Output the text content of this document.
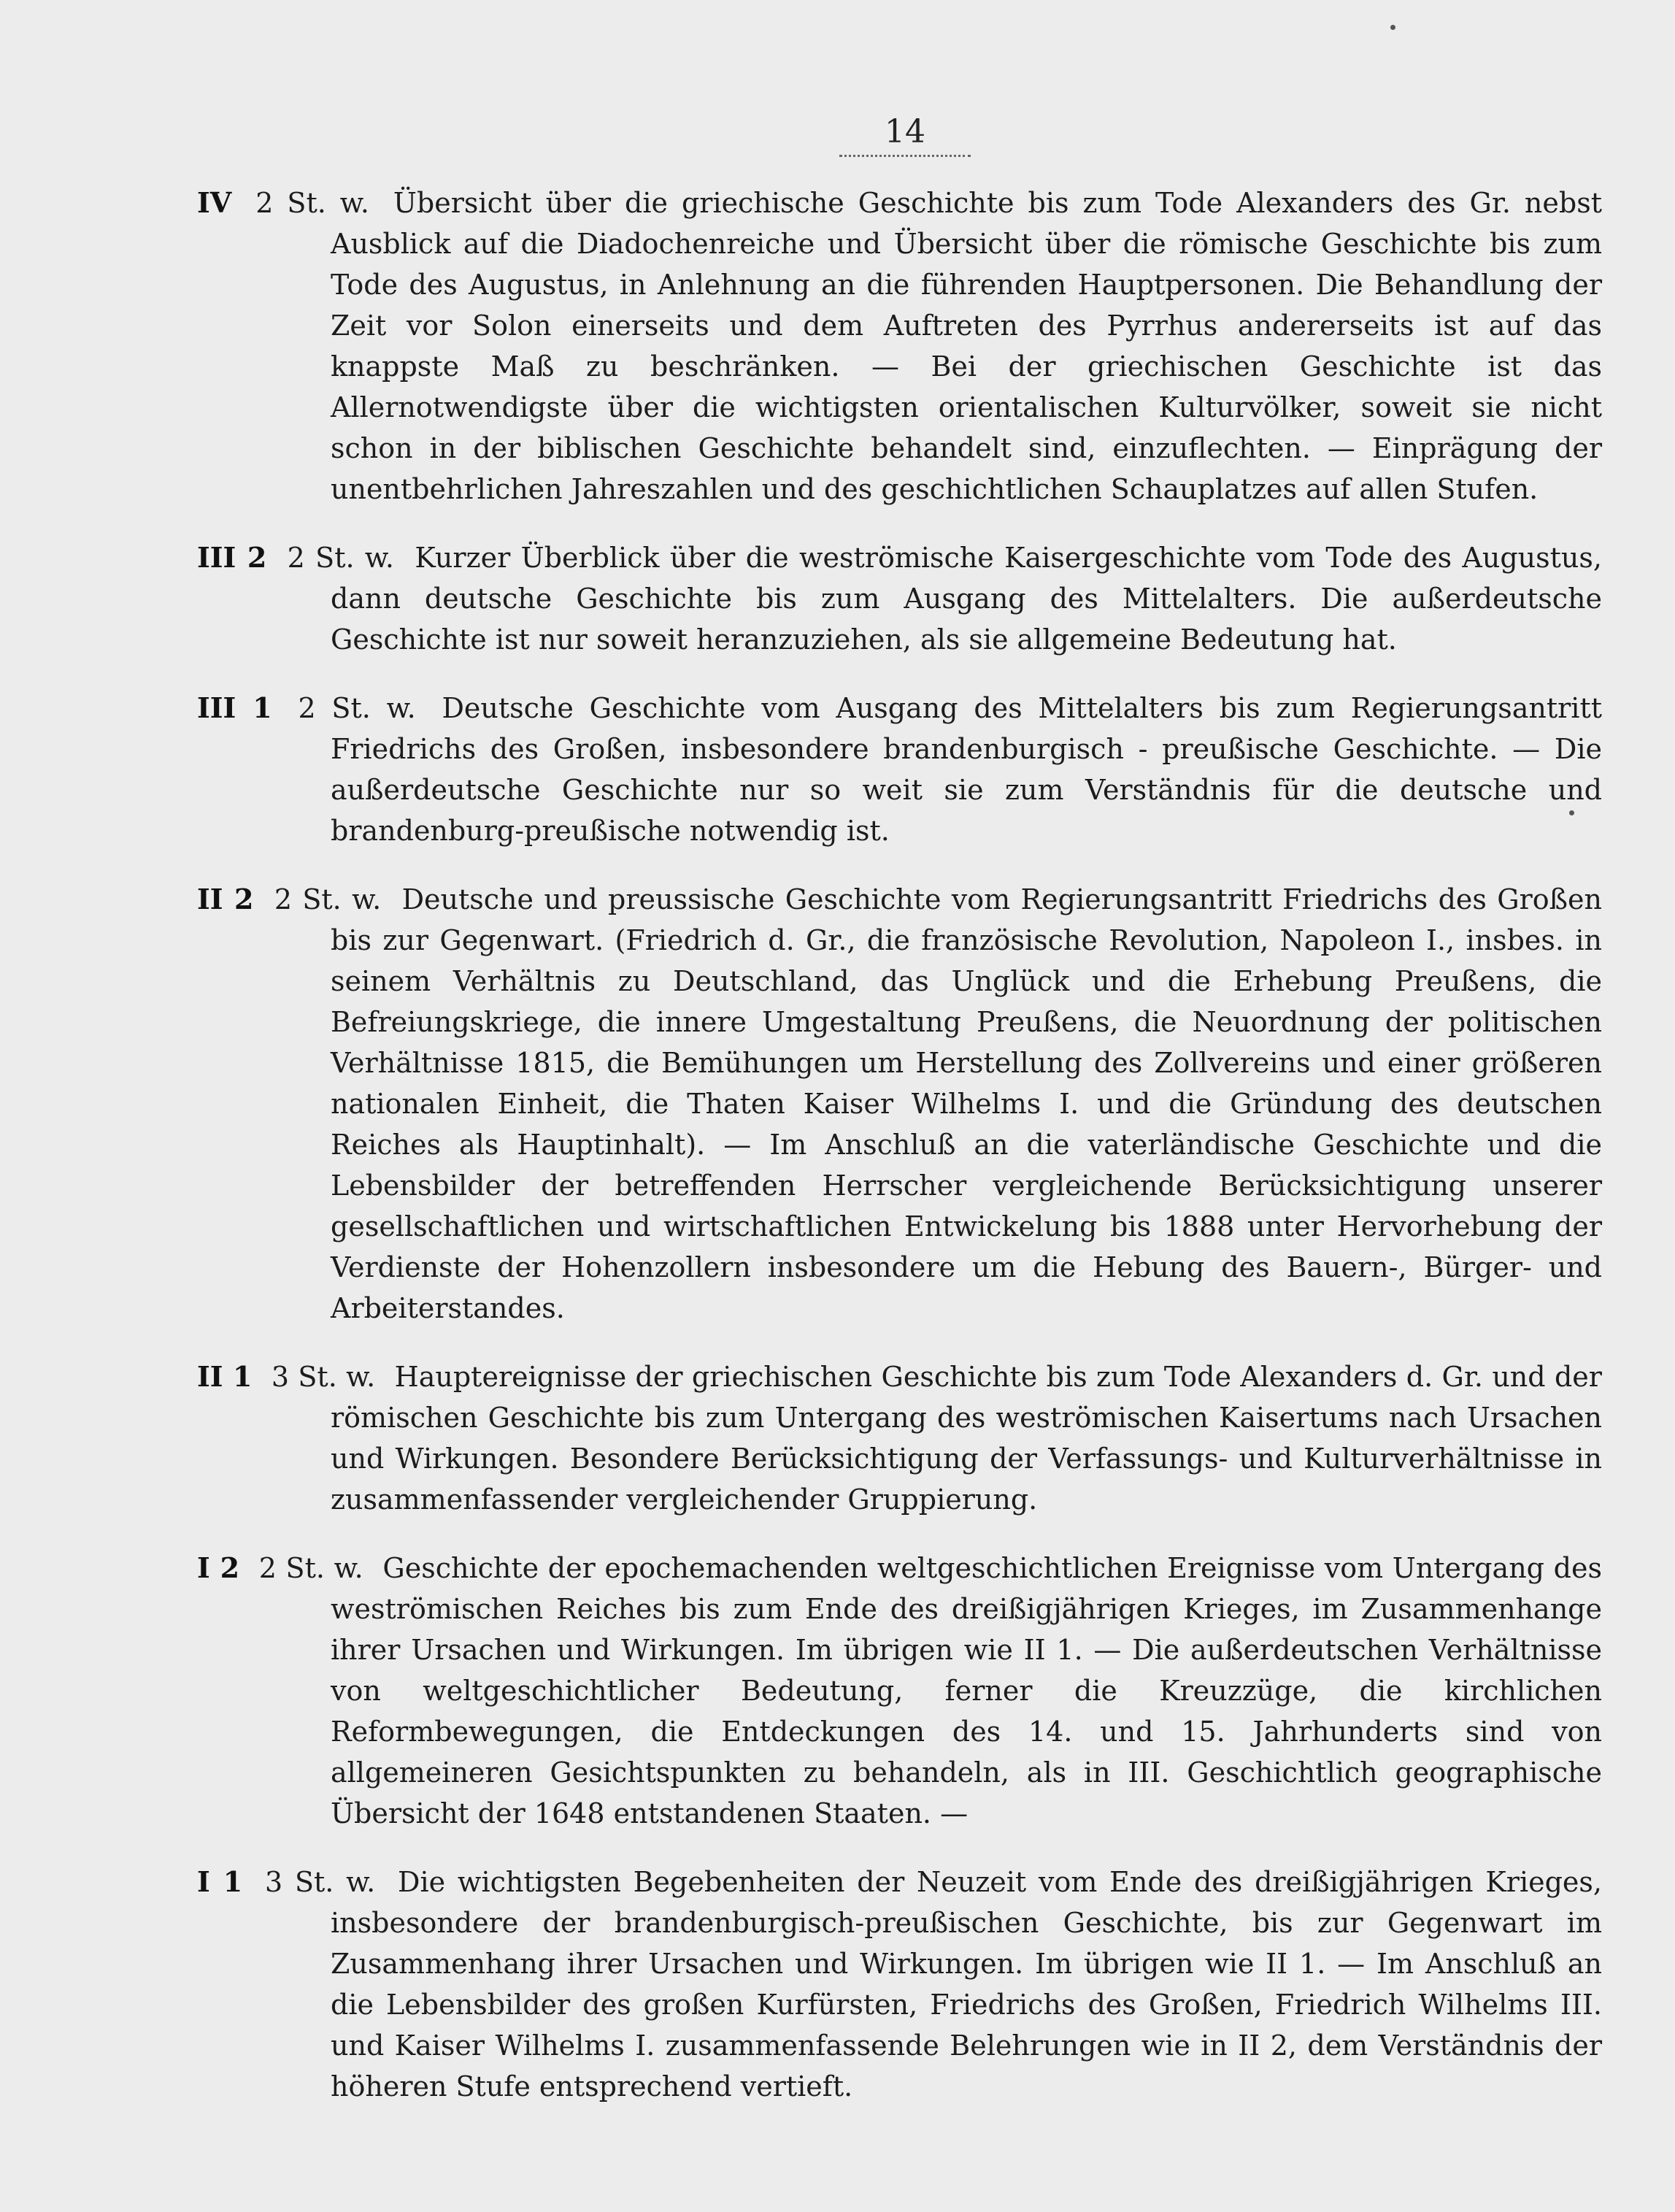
14
IV 2 St. w. Übersicht über die griechische Geschichte bis zum Tode Alexanders des Gr. nebst Ausblick auf die Diadochenreiche und Übersicht über die römische Geschichte bis zum Tode des Augustus, in Anlehnung an die führenden Hauptpersonen. Die Behandlung der Zeit vor Solon einerseits und dem Auftreten des Pyrrhus andererseits ist auf das knappste Maß zu beschränken. — Bei der griechischen Geschichte ist das Allernotwendigste über die wichtigsten orientalischen Kulturvölker, soweit sie nicht schon in der biblischen Geschichte behandelt sind, einzuflechten. — Einprägung der unentbehrlichen Jahreszahlen und des geschichtlichen Schauplatzes auf allen Stufen.
III 2 2 St. w. Kurzer Überblick über die weströmische Kaisergeschichte vom Tode des Augustus, dann deutsche Geschichte bis zum Ausgang des Mittelalters. Die außerdeutsche Geschichte ist nur soweit heranzuziehen, als sie allgemeine Bedeutung hat.
III 1 2 St. w. Deutsche Geschichte vom Ausgang des Mittelalters bis zum Regierungsantritt Friedrichs des Großen, insbesondere brandenburgisch - preußische Geschichte. — Die außerdeutsche Geschichte nur so weit sie zum Verständnis für die deutsche und brandenburg-preußische notwendig ist.
II 2 2 St. w. Deutsche und preussische Geschichte vom Regierungsantritt Friedrichs des Großen bis zur Gegenwart. (Friedrich d. Gr., die französische Revolution, Napoleon I., insbes. in seinem Verhältnis zu Deutschland, das Unglück und die Erhebung Preußens, die Befreiungskriege, die innere Umgestaltung Preußens, die Neuordnung der politischen Verhältnisse 1815, die Bemühungen um Herstellung des Zollvereins und einer größeren nationalen Einheit, die Thaten Kaiser Wilhelms I. und die Gründung des deutschen Reiches als Hauptinhalt). — Im Anschluß an die vaterländische Geschichte und die Lebensbilder der betreffenden Herrscher vergleichende Berücksichtigung unserer gesellschaftlichen und wirtschaftlichen Entwickelung bis 1888 unter Hervorhebung der Verdienste der Hohenzollern insbesondere um die Hebung des Bauern-, Bürger- und Arbeiterstandes.
II 1 3 St. w. Hauptereignisse der griechischen Geschichte bis zum Tode Alexanders d. Gr. und der römischen Geschichte bis zum Untergang des weströmischen Kaisertums nach Ursachen und Wirkungen. Besondere Berücksichtigung der Verfassungs- und Kulturverhältnisse in zusammenfassender vergleichender Gruppierung.
I 2 2 St. w. Geschichte der epochemachenden weltgeschichtlichen Ereignisse vom Untergang des weströmischen Reiches bis zum Ende des dreißigjährigen Krieges, im Zusammenhange ihrer Ursachen und Wirkungen. Im übrigen wie II 1. — Die außerdeutschen Verhältnisse von weltgeschichtlicher Bedeutung, ferner die Kreuzzüge, die kirchlichen Reformbewegungen, die Entdeckungen des 14. und 15. Jahrhunderts sind von allgemeineren Gesichtspunkten zu behandeln, als in III. Geschichtlich geographische Übersicht der 1648 entstandenen Staaten. —
I 1 3 St. w. Die wichtigsten Begebenheiten der Neuzeit vom Ende des dreißigjährigen Krieges, insbesondere der brandenburgisch-preußischen Geschichte, bis zur Gegenwart im Zusammenhang ihrer Ursachen und Wirkungen. Im übrigen wie II 1. — Im Anschluß an die Lebensbilder des großen Kurfürsten, Friedrichs des Großen, Friedrich Wilhelms III. und Kaiser Wilhelms I. zusammenfassende Belehrungen wie in II 2, dem Verständnis der höheren Stufe entsprechend vertieft.
